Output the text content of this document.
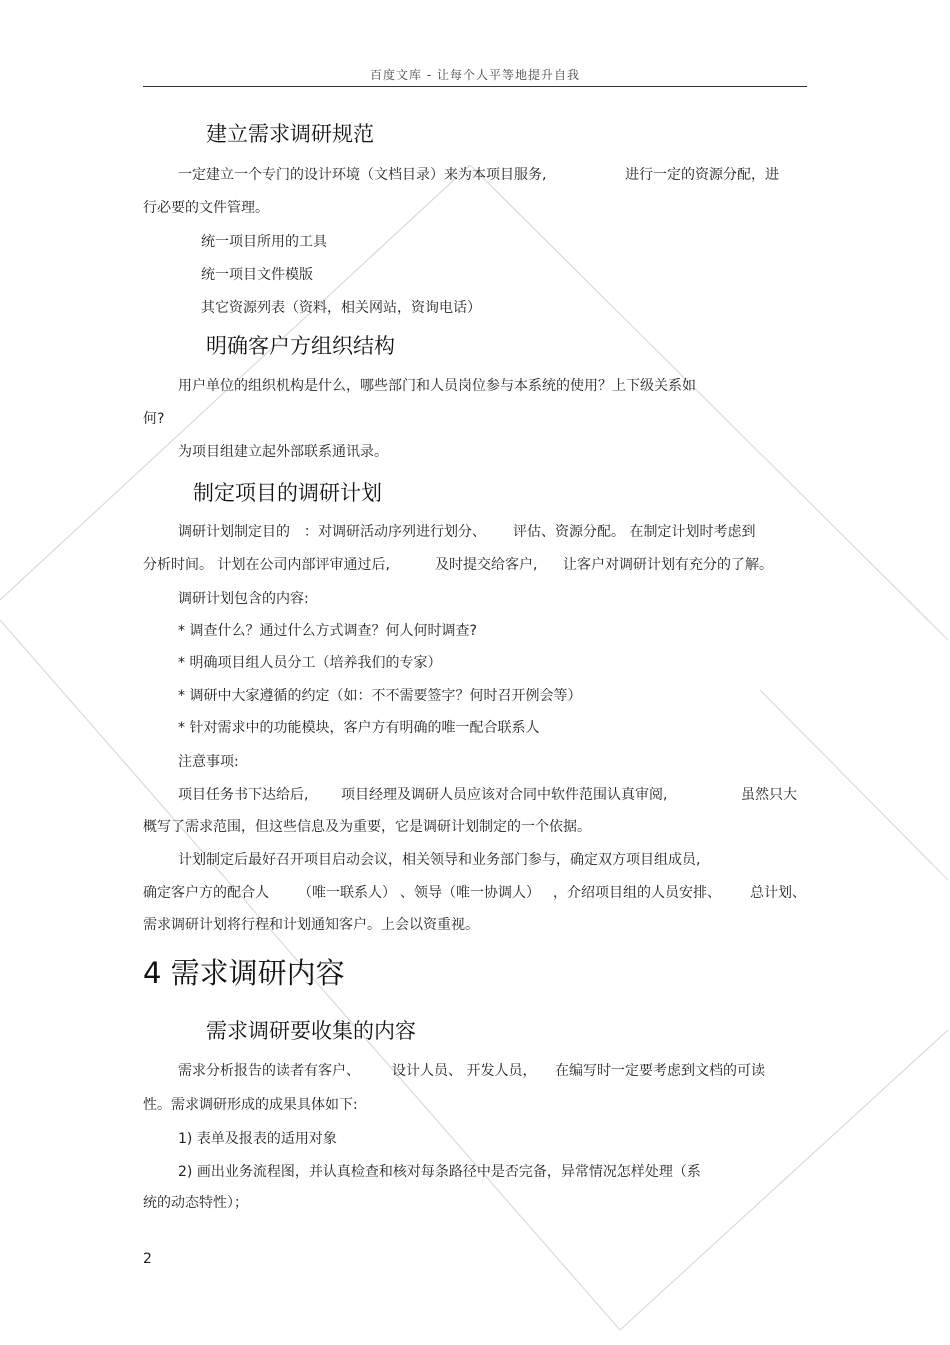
百度文库 - 让每个人平等地提升自我
建立需求调研规范
一定建立一个专门的设计环境（文档目录）来为本项目服务,	进行一定的资源分配，进
行必要的文件管理。
统一项目所用的工具
统一项目文件模版
其它资源列表（资料，相关网站，资询电话）
明确客户方组织结构
用户单位的组织机构是什么，哪些部门和人员岗位参与本系统的使用？上下级关系如
何?
为项目组建立起外部联系通讯录。
制定项目的调研计划
调研计划制定目的 ：对调研活动序列进行划分、 评估、资源分配。 在制定计划时考虑到
分析时间。 计划在公司内部评审通过后,	及时提交给客户, 让客户对调研计划有充分的了解。
调研计划包含的内容:
* 调查什么？通过什么方式调查？何人何时调查?
* 明确项目组人员分工（培养我们的专家）
* 调研中大家遵循的约定（如：不不需要签字？何时召开例会等）
* 针对需求中的功能模块，客户方有明确的唯一配合联系人
注意事项:
项目任务书下达给后, 项目经理及调研人员应该对合同中软件范围认真审阅,	虽然只大
概写了需求范围，但这些信息及为重要，它是调研计划制定的一个依据。
计划制定后最好召开项目启动会议，相关领导和业务部门参与，确定双方项目组成员,
确定客户方的配合人 （唯一联系人） 、领导（唯一协调人） ，介绍项目组的人员安排、 总计划、
需求调研计划将行程和计划通知客户。上会以资重视。
4 需求调研内容
需求调研要收集的内容
需求分析报告的读者有客户、 设计人员、 开发人员， 在编写时一定要考虑到文档的可读
性。需求调研形成的成果具体如下:
1) 表单及报表的适用对象
2) 画出业务流程图，并认真检查和核对每条路径中是否完备，异常情况怎样处理（系
统的动态特性）；
2
